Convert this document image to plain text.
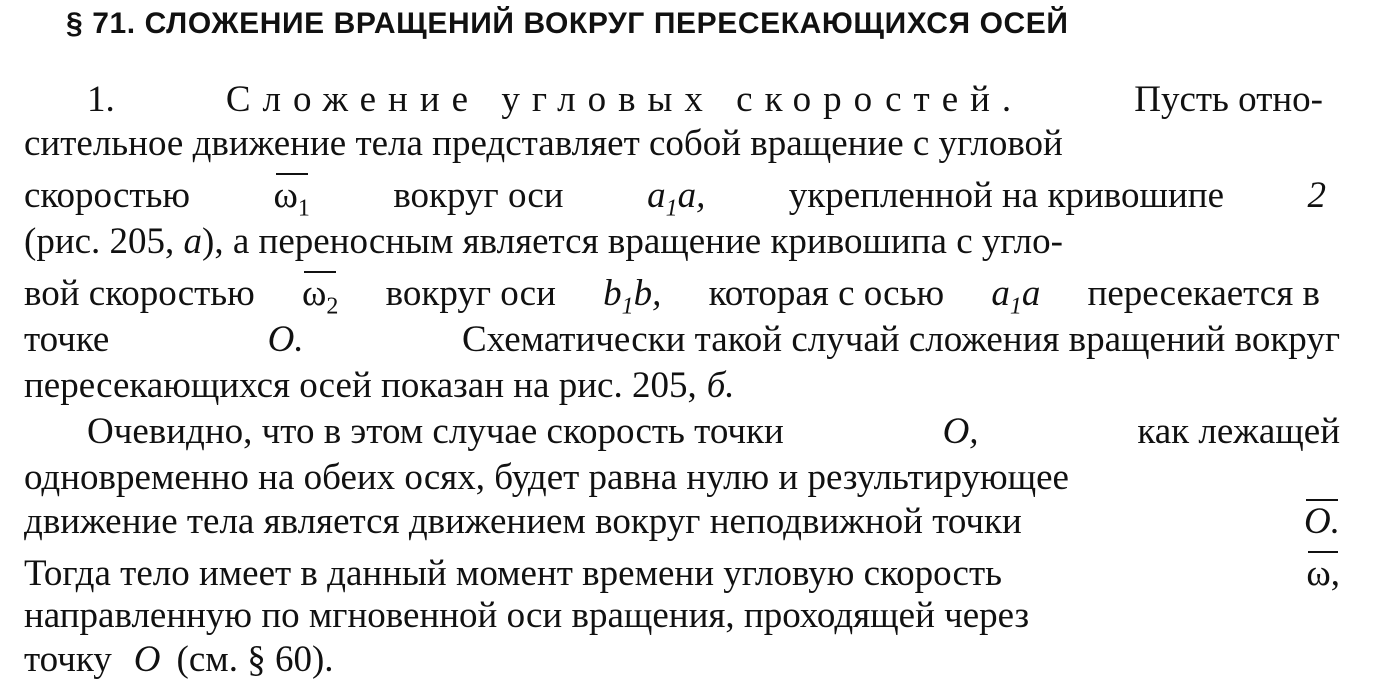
§ 71. СЛОЖЕНИЕ ВРАЩЕНИЙ ВОКРУГ ПЕРЕСЕКАЮЩИХСЯ ОСЕЙ
1.	Сложение угловых скоростей.	Пусть отно-
сительное движение тела представляет собой вращение с угловой
скоростью $\omega_1$ вокруг оси $a_1a$, укрепленной на кривошипе 2
(рис. 205, a), а переносным является вращение кривошипа с угло-
вой скоростью $\omega_2$ вокруг оси $b_1b$, которая с осью $a_1a$ пересекается в
точке	O.	Схематически такой случай сложения вращений вокруг
пересекающихся осей показан на рис. 205, б.
Очевидно, что в этом случае скорость точки	O,	как лежащей
одновременно на обеих осях, будет равна нулю и результирующее
движение тела является движением вокруг неподвижной точки	O.
Тогда тело имеет в данный момент времени угловую скорость	ω,
направленную по мгновенной оси вращения, проходящей через
точку O (см. § 60).
